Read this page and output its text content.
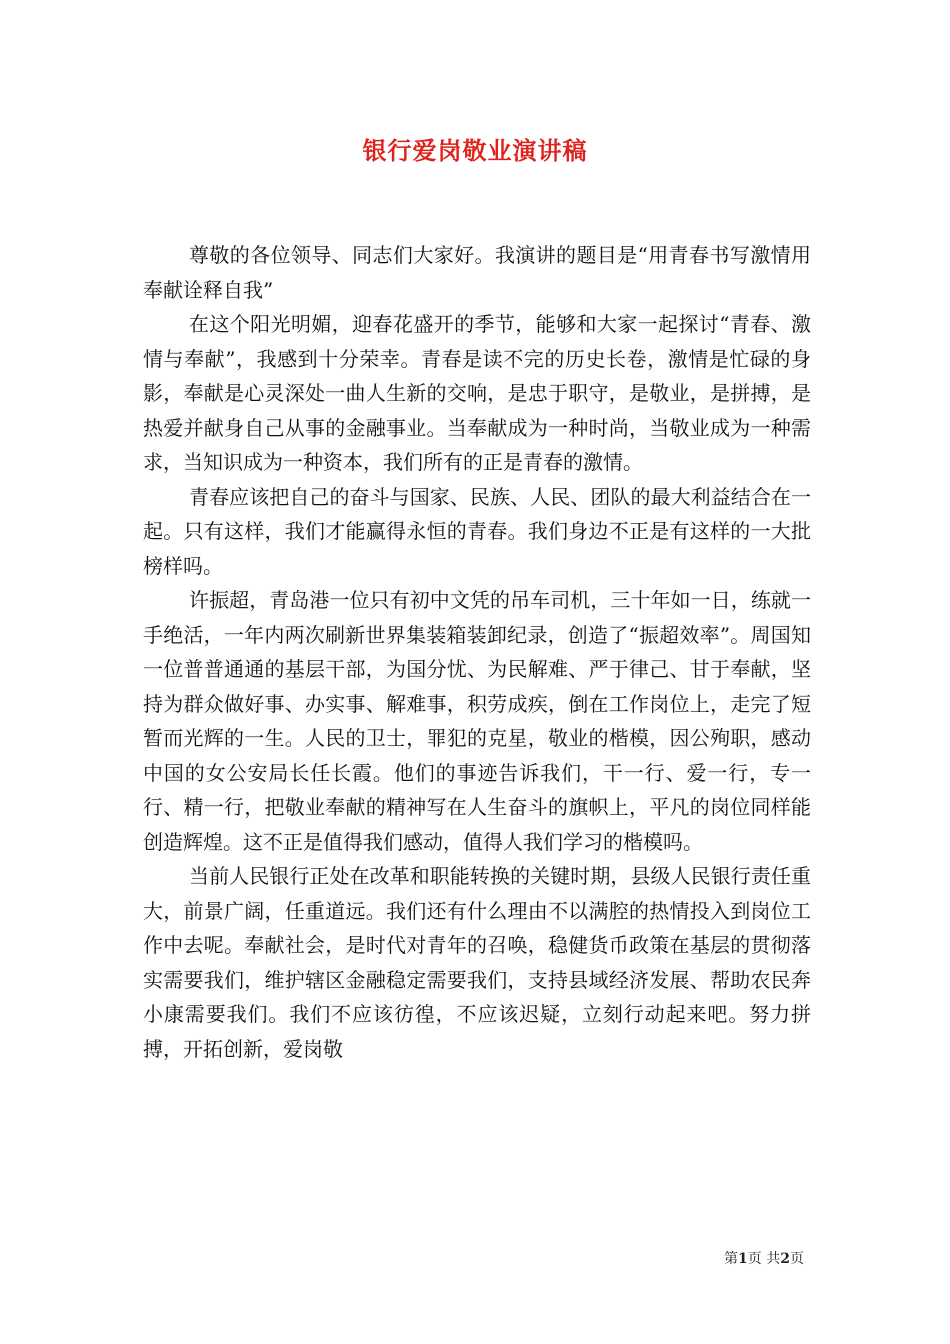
银行爱岗敬业演讲稿

尊敬的各位领导、同志们大家好。我演讲的题目是“用青春书写激情用奉献诠释自我”

在这个阳光明媚，迎春花盛开的季节，能够和大家一起探讨“青春、激情与奉献”，我感到十分荣幸。青春是读不完的历史长卷，激情是忙碌的身影，奉献是心灵深处一曲人生新的交响，是忠于职守，是敬业，是拼搏，是热爱并献身自己从事的金融事业。当奉献成为一种时尚，当敬业成为一种需求，当知识成为一种资本，我们所有的正是青春的激情。

青春应该把自己的奋斗与国家、民族、人民、团队的最大利益结合在一起。只有这样，我们才能赢得永恒的青春。我们身边不正是有这样的一大批榜样吗。

许振超，青岛港一位只有初中文凭的吊车司机，三十年如一日，练就一手绝活，一年内两次刷新世界集装箱装卸纪录，创造了“振超效率”。周国知一位普普通通的基层干部，为国分忧、为民解难、严于律己、甘于奉献，坚持为群众做好事、办实事、解难事，积劳成疾，倒在工作岗位上，走完了短暂而光辉的一生。人民的卫士，罪犯的克星，敬业的楷模，因公殉职，感动中国的女公安局长任长霞。他们的事迹告诉我们，干一行、爱一行，专一行、精一行，把敬业奉献的精神写在人生奋斗的旗帜上，平凡的岗位同样能创造辉煌。这不正是值得我们感动，值得人我们学习的楷模吗。

当前人民银行正处在改革和职能转换的关键时期，县级人民银行责任重大，前景广阔，任重道远。我们还有什么理由不以满腔的热情投入到岗位工作中去呢。奉献社会，是时代对青年的召唤，稳健货币政策在基层的贯彻落实需要我们，维护辖区金融稳定需要我们，支持县域经济发展、帮助农民奔小康需要我们。我们不应该彷徨，不应该迟疑，立刻行动起来吧。努力拼搏，开拓创新，爱岗敬

第1页 共2页
